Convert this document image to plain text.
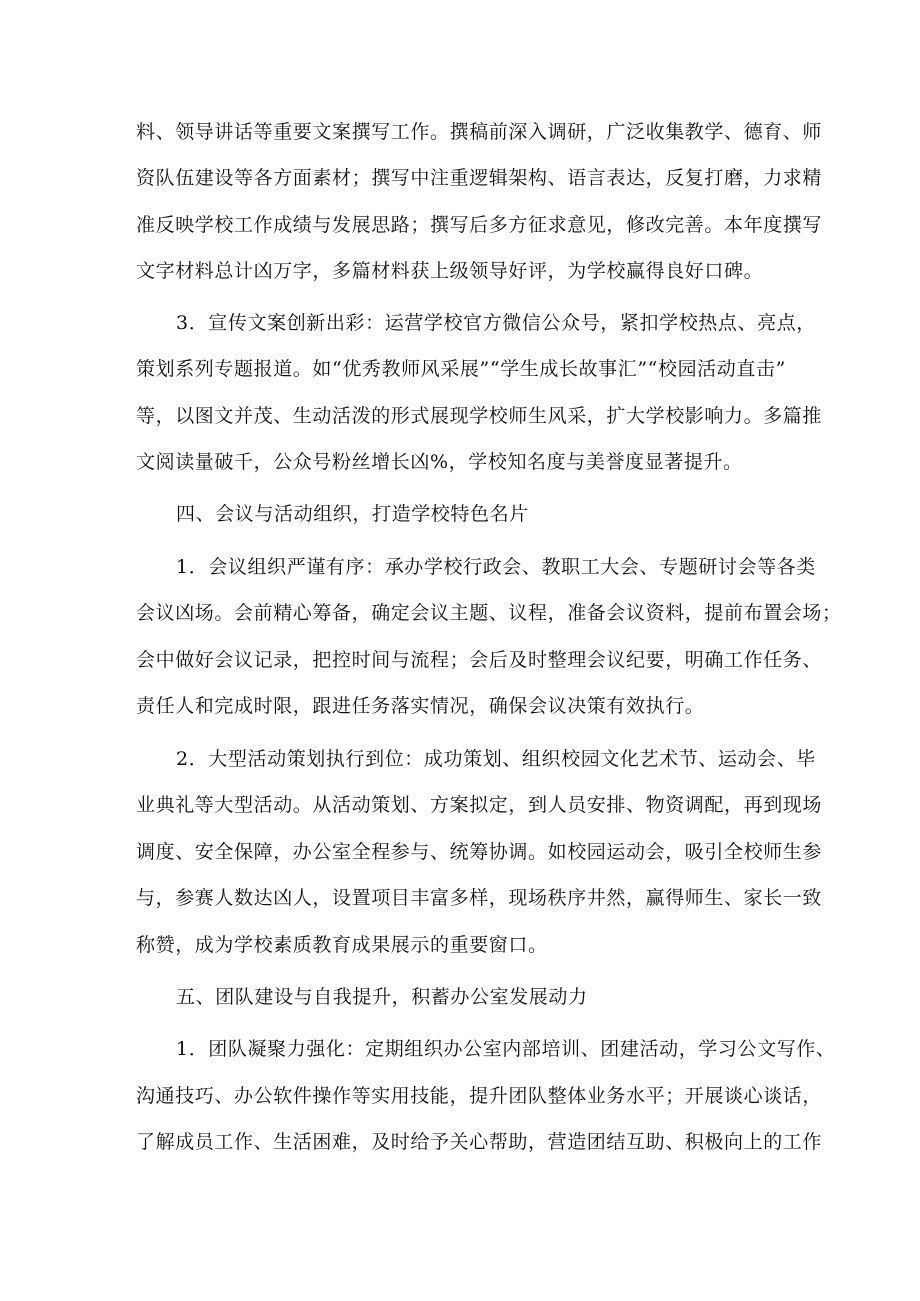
料、领导讲话等重要文案撰写工作。撰稿前深入调研，广泛收集教学、德育、师
资队伍建设等各方面素材；撰写中注重逻辑架构、语言表达，反复打磨，力求精
准反映学校工作成绩与发展思路；撰写后多方征求意见，修改完善。本年度撰写
文字材料总计凶万字，多篇材料获上级领导好评，为学校赢得良好口碑。
3．宣传文案创新出彩：运营学校官方微信公众号，紧扣学校热点、亮点，
策划系列专题报道。如“优秀教师风采展”“学生成长故事汇”“校园活动直击”
等，以图文并茂、生动活泼的形式展现学校师生风采，扩大学校影响力。多篇推
文阅读量破千，公众号粉丝增长凶%，学校知名度与美誉度显著提升。
四、会议与活动组织，打造学校特色名片
1．会议组织严谨有序：承办学校行政会、教职工大会、专题研讨会等各类
会议凶场。会前精心筹备，确定会议主题、议程，准备会议资料，提前布置会场；
会中做好会议记录，把控时间与流程；会后及时整理会议纪要，明确工作任务、
责任人和完成时限，跟进任务落实情况，确保会议决策有效执行。
2．大型活动策划执行到位：成功策划、组织校园文化艺术节、运动会、毕
业典礼等大型活动。从活动策划、方案拟定，到人员安排、物资调配，再到现场
调度、安全保障，办公室全程参与、统筹协调。如校园运动会，吸引全校师生参
与，参赛人数达凶人，设置项目丰富多样，现场秩序井然，赢得师生、家长一致
称赞，成为学校素质教育成果展示的重要窗口。
五、团队建设与自我提升，积蓄办公室发展动力
1．团队凝聚力强化：定期组织办公室内部培训、团建活动，学习公文写作、
沟通技巧、办公软件操作等实用技能，提升团队整体业务水平；开展谈心谈话，
了解成员工作、生活困难，及时给予关心帮助，营造团结互助、积极向上的工作
